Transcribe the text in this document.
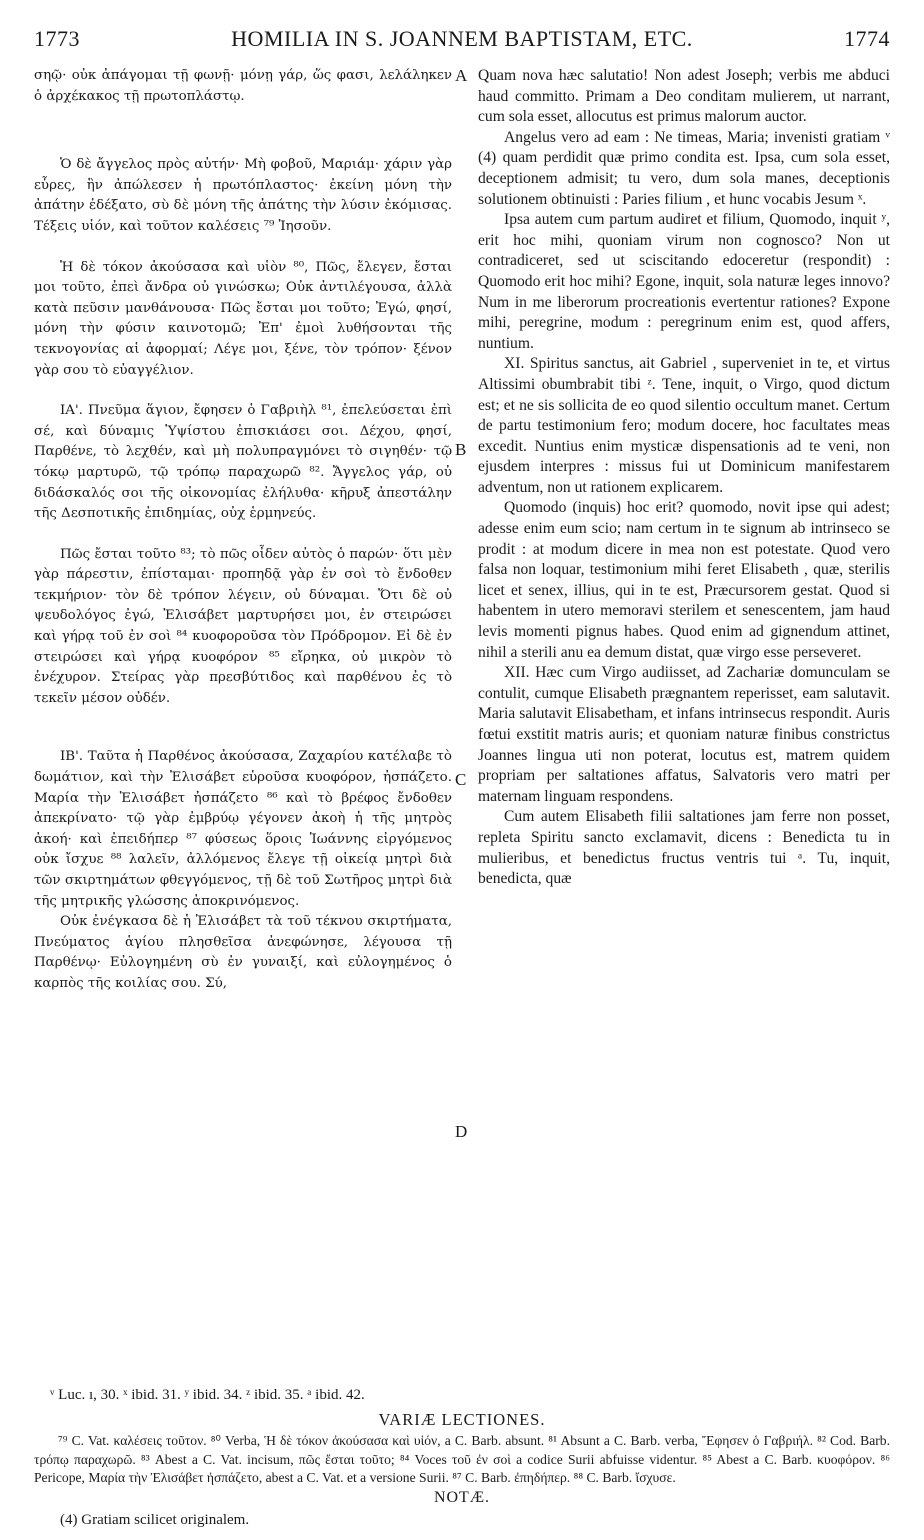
1773	HOMILIA IN S. JOANNEM BAPTISTAM, ETC.	1774

σηῷ· οὐκ ἀπάγομαι τῇ φωνῇ· μόνῃ γάρ, ὥς φασι, λελάληκεν ὁ ἀρχέκακος τῇ πρωτοπλάστῳ.

Ὁ δὲ ἄγγελος πρὸς αὐτήν· Μὴ φοβοῦ, Μαριάμ· χάριν γὰρ εὗρες, ἣν ἀπώλεσεν ἡ πρωτόπλαστος· ἐκείνη μόνη τὴν ἀπάτην ἐδέξατο, σὺ δὲ μόνη τῆς ἀπάτης τὴν λύσιν ἐκόμισας. Τέξεις υἱόν, καὶ τοῦτον καλέσεις ⁷⁹ Ἰησοῦν.

Ἡ δὲ τόκον ἀκούσασα καὶ υἱὸν ⁸⁰, Πῶς, ἔλεγεν, ἔσται μοι τοῦτο, ἐπεὶ ἄνδρα οὐ γινώσκω; Οὐκ ἀντιλέγουσα, ἀλλὰ κατὰ πεῦσιν μανθάνουσα· Πῶς ἔσται μοι τοῦτο; Ἐγώ, φησί, μόνη τὴν φύσιν καινοτομῶ; Ἐπ' ἐμοὶ λυθήσονται τῆς τεκνογονίας αἱ ἀφορμαί; Λέγε μοι, ξένε, τὸν τρόπον· ξένον γὰρ σου τὸ εὐαγγέλιον.

ΙΑ'. Πνεῦμα ἅγιον, ἔφησεν ὁ Γαβριὴλ ⁸¹, ἐπελεύσεται ἐπὶ σέ, καὶ δύναμις Ὑψίστου ἐπισκιάσει σοι. Δέχου, φησί, Παρθένε, τὸ λεχθέν, καὶ μὴ πολυπραγμόνει τὸ σιγηθέν· τῷ τόκῳ μαρτυρῶ, τῷ τρόπῳ παραχωρῶ ⁸². Ἄγγελος γάρ, οὐ διδάσκαλός σοι τῆς οἰκονομίας ἐλήλυθα· κῆρυξ ἀπεστάλην τῆς Δεσποτικῆς ἐπιδημίας, οὐχ ἑρμηνεύς.

Πῶς ἔσται τοῦτο ⁸³; τὸ πῶς οἶδεν αὐτὸς ὁ παρών· ὅτι μὲν γὰρ πάρεστιν, ἐπίσταμαι· προπηδᾷ γὰρ ἐν σοὶ τὸ ἔνδοθεν τεκμήριον· τὸν δὲ τρόπον λέγειν, οὐ δύναμαι. Ὅτι δὲ οὐ ψευδολόγος ἐγώ, Ἐλισάβετ μαρτυρήσει μοι, ἐν στειρώσει καὶ γήρᾳ τοῦ ἐν σοὶ ⁸⁴ κυοφοροῦσα τὸν Πρόδρομον. Εἰ δὲ ἐν στειρώσει καὶ γήρᾳ κυοφόρον ⁸⁵ εἴρηκα, οὐ μικρὸν τὸ ἐνέχυρον. Στείρας γὰρ πρεσβύτιδος καὶ παρθένου ἐς τὸ τεκεῖν μέσον οὐδέν.

ΙΒ'. Ταῦτα ἡ Παρθένος ἀκούσασα, Ζαχαρίου κατέλαβε τὸ δωμάτιον, καὶ τὴν Ἐλισάβετ εὑροῦσα κυοφόρον, ἠσπάζετο. Μαρία τὴν Ἐλισάβετ ἠσπάζετο ⁸⁶ καὶ τὸ βρέφος ἔνδοθεν ἀπεκρίνατο· τῷ γὰρ ἐμβρύῳ γέγονεν ἀκοὴ ἡ τῆς μητρὸς ἀκοή· καὶ ἐπειδήπερ ⁸⁷ φύσεως ὅροις Ἰωάννης εἰργόμενος οὐκ ἴσχυε ⁸⁸ λαλεῖν, ἀλλόμενος ἔλεγε τῇ οἰκείᾳ μητρὶ διὰ τῶν σκιρτημάτων φθεγγόμενος, τῇ δὲ τοῦ Σωτῆρος μητρὶ διὰ τῆς μητρικῆς γλώσσης ἀποκρινόμενος.

Οὐκ ἐνέγκασα δὲ ἡ Ἐλισάβετ τὰ τοῦ τέκνου σκιρτήματα, Πνεύματος ἁγίου πλησθεῖσα ἀνεφώνησε, λέγουσα τῇ Παρθένῳ· Εὐλογημένη σὺ ἐν γυναιξί, καὶ εὐλογημένος ὁ καρπὸς τῆς κοιλίας σου. Σύ,

A
B
C
D

Quam nova hæc salutatio! Non adest Joseph; verbis me abduci haud committo. Primam a Deo conditam mulierem, ut narrant, cum sola esset, allocutus est primus malorum auctor.

Angelus vero ad eam : Ne timeas, Maria; invenisti gratiam ᵛ (4) quam perdidit quæ primo condita est. Ipsa, cum sola esset, deceptionem admisit; tu vero, dum sola manes, deceptionis solutionem obtinuisti : Paries filium , et hunc vocabis Jesum ˣ.

Ipsa autem cum partum audiret et filium, Quomodo, inquit ʸ, erit hoc mihi, quoniam virum non cognosco? Non ut contradiceret, sed ut sciscitando edoceretur (respondit) : Quomodo erit hoc mihi? Egone, inquit, sola naturæ leges innovo? Num in me liberorum procreationis evertentur rationes? Expone mihi, peregrine, modum : peregrinum enim est, quod affers, nuntium.

XI. Spiritus sanctus, ait Gabriel , superveniet in te, et virtus Altissimi obumbrabit tibi ᶻ. Tene, inquit, o Virgo, quod dictum est; et ne sis sollicita de eo quod silentio occultum manet. Certum de partu testimonium fero; modum docere, hoc facultates meas excedit. Nuntius enim mysticæ dispensationis ad te veni, non ejusdem interpres : missus fui ut Dominicum manifestarem adventum, non ut rationem explicarem.

Quomodo (inquis) hoc erit? quomodo, novit ipse qui adest; adesse enim eum scio; nam certum in te signum ab intrinseco se prodit : at modum dicere in mea non est potestate. Quod vero falsa non loquar, testimonium mihi feret Elisabeth , quæ, sterilis licet et senex, illius, qui in te est, Præcursorem gestat. Quod si habentem in utero memoravi sterilem et senescentem, jam haud levis momenti pignus habes. Quod enim ad gignendum attinet, nihil a sterili anu ea demum distat, quæ virgo esse perseveret.

XII. Hæc cum Virgo audiisset, ad Zachariæ domunculam se contulit, cumque Elisabeth prægnantem reperisset, eam salutavit. Maria salutavit Elisabetham, et infans intrinsecus respondit. Auris fœtui exstitit matris auris; et quoniam naturæ finibus constrictus Joannes lingua uti non poterat, locutus est, matrem quidem propriam per saltationes affatus, Salvatoris vero matri per maternam linguam respondens.

Cum autem Elisabeth filii saltationes jam ferre non posset, repleta Spiritu sancto exclamavit, dicens : Benedicta tu in mulieribus, et benedictus fructus ventris tui ᵃ. Tu, inquit, benedicta, quæ

ᵛ Luc. ı, 30. ˣ ibid. 31. ʸ ibid. 34. ᶻ ibid. 35. ᵃ ibid. 42.
VARIÆ LECTIONES.
⁷⁹ C. Vat. καλέσεις τοῦτον. ⁸⁰ Verba, Ἡ δὲ τόκον ἀκούσασα καὶ υἱόν, a C. Barb. absunt. ⁸¹ Absunt a C. Barb. verba, Ἔφησεν ὁ Γαβριήλ. ⁸² Cod. Barb. τρόπῳ παραχωρῶ. ⁸³ Abest a C. Vat. incisum, πῶς ἔσται τοῦτο; ⁸⁴ Voces τοῦ ἐν σοὶ a codice Surii abfuisse videntur. ⁸⁵ Abest a C. Barb. κυοφόρον. ⁸⁶ Pericope, Μαρία τὴν Ἐλισάβετ ἠσπάζετο, abest a C. Vat. et a versione Surii. ⁸⁷ C. Barb. ἐπηδήπερ. ⁸⁸ C. Barb. ἴσχυσε.
NOTÆ.
(4) Gratiam scilicet originalem.
